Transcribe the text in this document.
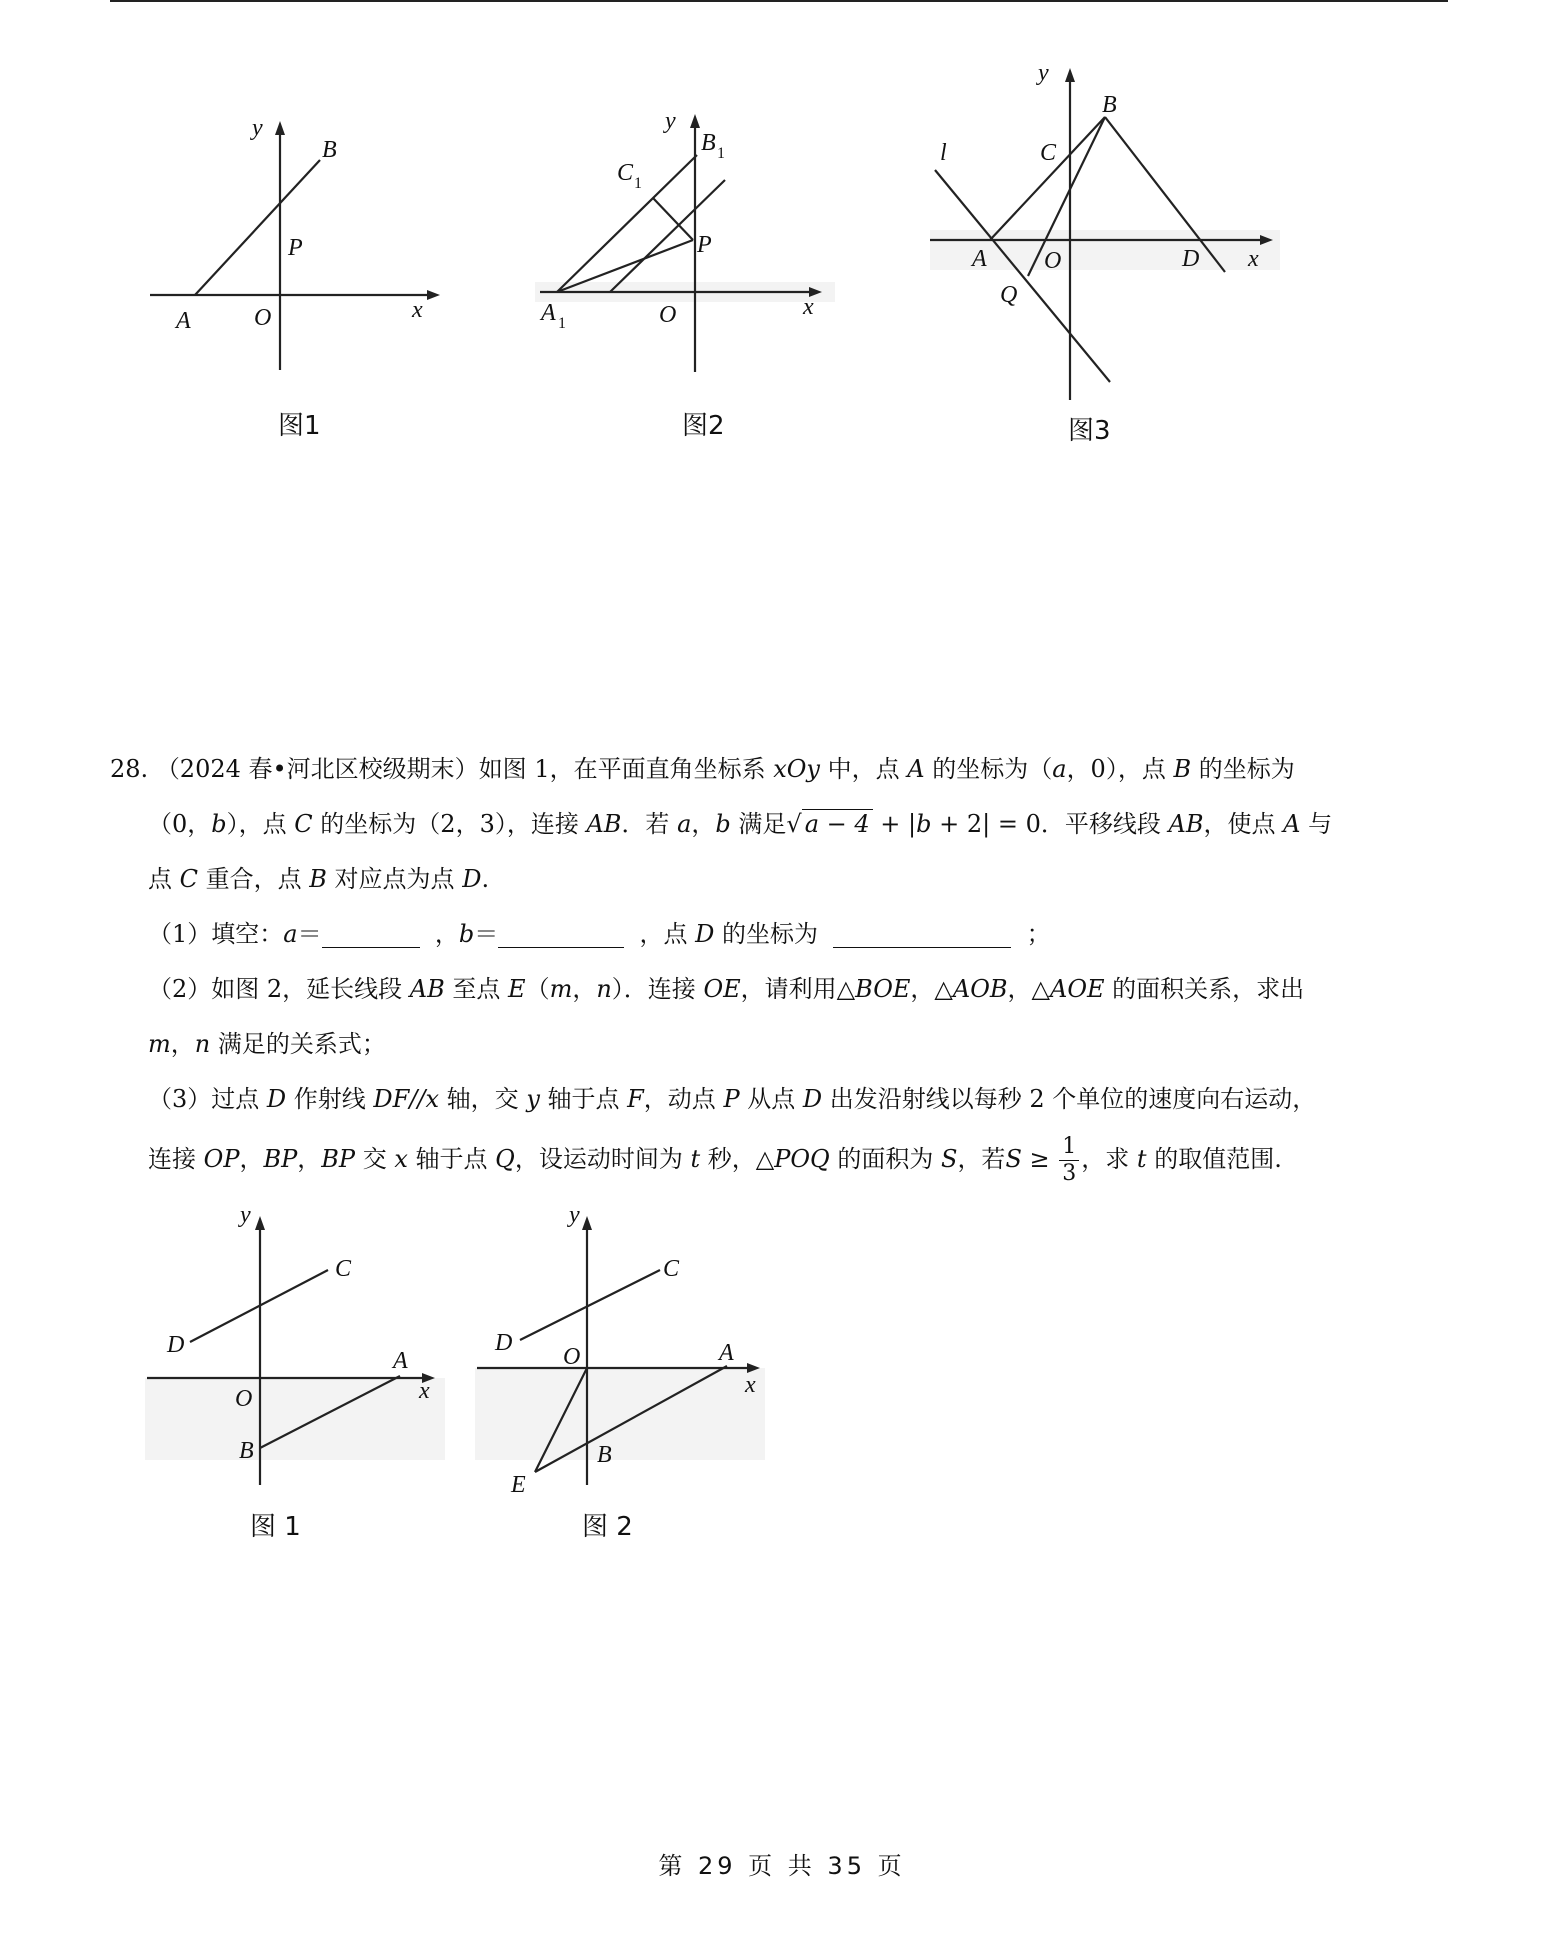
y
B
P
A	O	x
图1
y
B 1
C 1
P
A 1	O	x
图2
y
B
l	C
A O	D x
Q
图3
28. （2024 春•河北区校级期末）如图 1，在平面直角坐标系 xOy 中，点 A 的坐标为（a，0），点 B 的坐标为
（0，b），点 C 的坐标为（2，3），连接 AB．若 a，b 满足√ a − 4 + |b + 2| = 0．平移线段 AB，使点 A 与
点 C 重合，点 B 对应点为点 D.
（1）填空：a＝	，b＝	，点 D 的坐标为	；
（2）如图 2，延长线段 AB 至点 E（m，n）．连接 OE，请利用△BOE，△AOB，△AOE 的面积关系，求出
m，n 满足的关系式；
（3）过点 D 作射线 DF//x 轴，交 y 轴于点 F，动点 P 从点 D 出发沿射线以每秒 2 个单位的速度向右运动，
连接 OP，BP，BP 交 x 轴于点 Q，设运动时间为 t 秒，△POQ 的面积为 S，若$S \ge \frac{1}{3}$ ，求 t 的取值范围.
y
C
D
A
x
O
B
图 1
y
C
D
O	A
x
B
E
图 2
第 29 页 共 35 页
